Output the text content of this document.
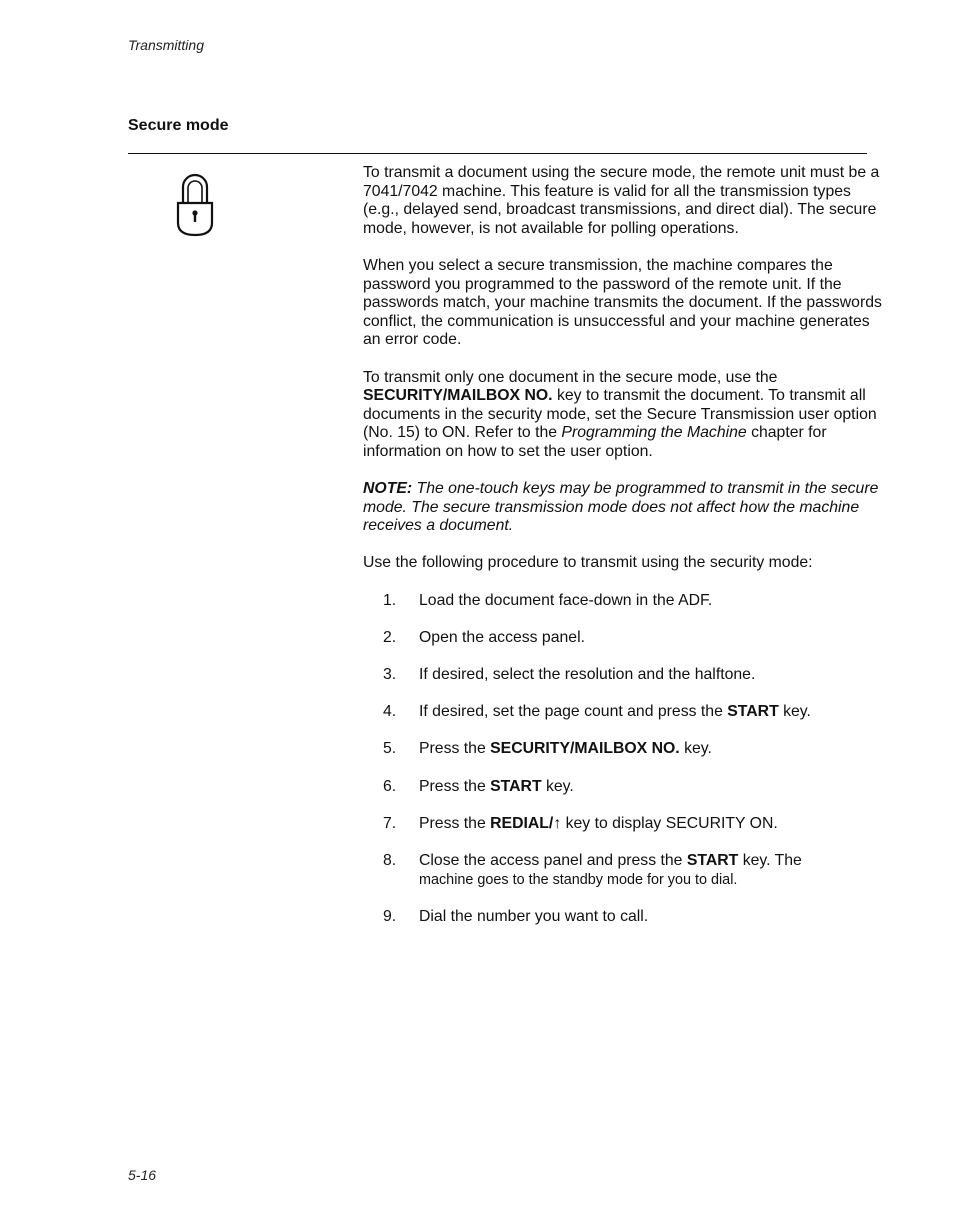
Transmitting
Secure mode

To transmit a document using the secure mode, the remote unit must be a 7041/7042 machine. This feature is valid for all the transmission types (e.g., delayed send, broadcast transmissions, and direct dial). The secure mode, however, is not available for polling operations.

When you select a secure transmission, the machine compares the password you programmed to the password of the remote unit. If the passwords match, your machine transmits the document. If the passwords conflict, the communication is unsuccessful and your machine generates an error code.

To transmit only one document in the secure mode, use the SECURITY/MAILBOX NO. key to transmit the document. To transmit all documents in the security mode, set the Secure Transmission user option (No. 15) to ON. Refer to the Programming the Machine chapter for information on how to set the user option.

NOTE: The one-touch keys may be programmed to transmit in the secure mode. The secure transmission mode does not affect how the machine receives a document.

Use the following procedure to transmit using the security mode:

1.	Load the document face-down in the ADF.
2.	Open the access panel.
3.	If desired, select the resolution and the halftone.
4.	If desired, set the page count and press the START key.
5.	Press the SECURITY/MAILBOX NO. key.
6.	Press the START key.
7.	Press the REDIAL/↑ key to display SECURITY ON.
8.	Close the access panel and press the START key. The
machine goes to the standby mode for you to dial.
9.	Dial the number you want to call.
5-16
